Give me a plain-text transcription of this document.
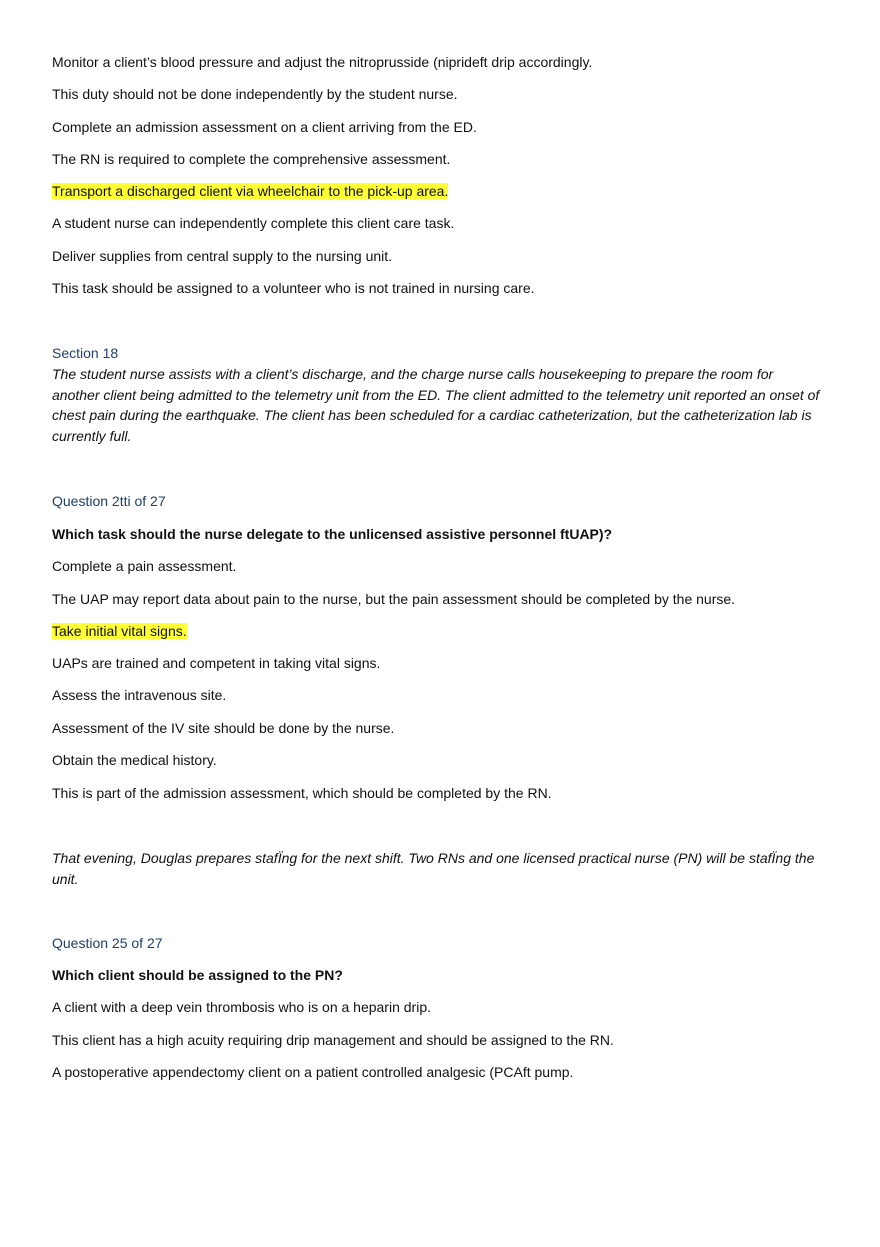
Monitor a client’s blood pressure and adjust the nitroprusside (niprideft drip accordingly.
This duty should not be done independently by the student nurse.
Complete an admission assessment on a client arriving from the ED.
The RN is required to complete the comprehensive assessment.
Transport a discharged client via wheelchair to the pick-up area.
A student nurse can independently complete this client care task.
Deliver supplies from central supply to the nursing unit.
This task should be assigned to a volunteer who is not trained in nursing care.
Section 18
The student nurse assists with a client’s discharge, and the charge nurse calls housekeeping to prepare the room for another client being admitted to the telemetry unit from the ED. The client admitted to the telemetry unit reported an onset of chest pain during the earthquake. The client has been scheduled for a cardiac catheterization, but the catheterization lab is currently full.
Question 2tti of 27
Which task should the nurse delegate to the unlicensed assistive personnel ftUAP)?
Complete a pain assessment.
The UAP may report data about pain to the nurse, but the pain assessment should be completed by the nurse.
Take initial vital signs.
UAPs are trained and competent in taking vital signs.
Assess the intravenous site.
Assessment of the IV site should be done by the nurse.
Obtain the medical history.
This is part of the admission assessment, which should be completed by the RN.
That evening, Douglas prepares stafÏng for the next shift. Two RNs and one licensed practical nurse (PN) will be stafÏng the unit.
Question 25 of 27
Which client should be assigned to the PN?
A client with a deep vein thrombosis who is on a heparin drip.
This client has a high acuity requiring drip management and should be assigned to the RN.
A postoperative appendectomy client on a patient controlled analgesic (PCAft pump.
